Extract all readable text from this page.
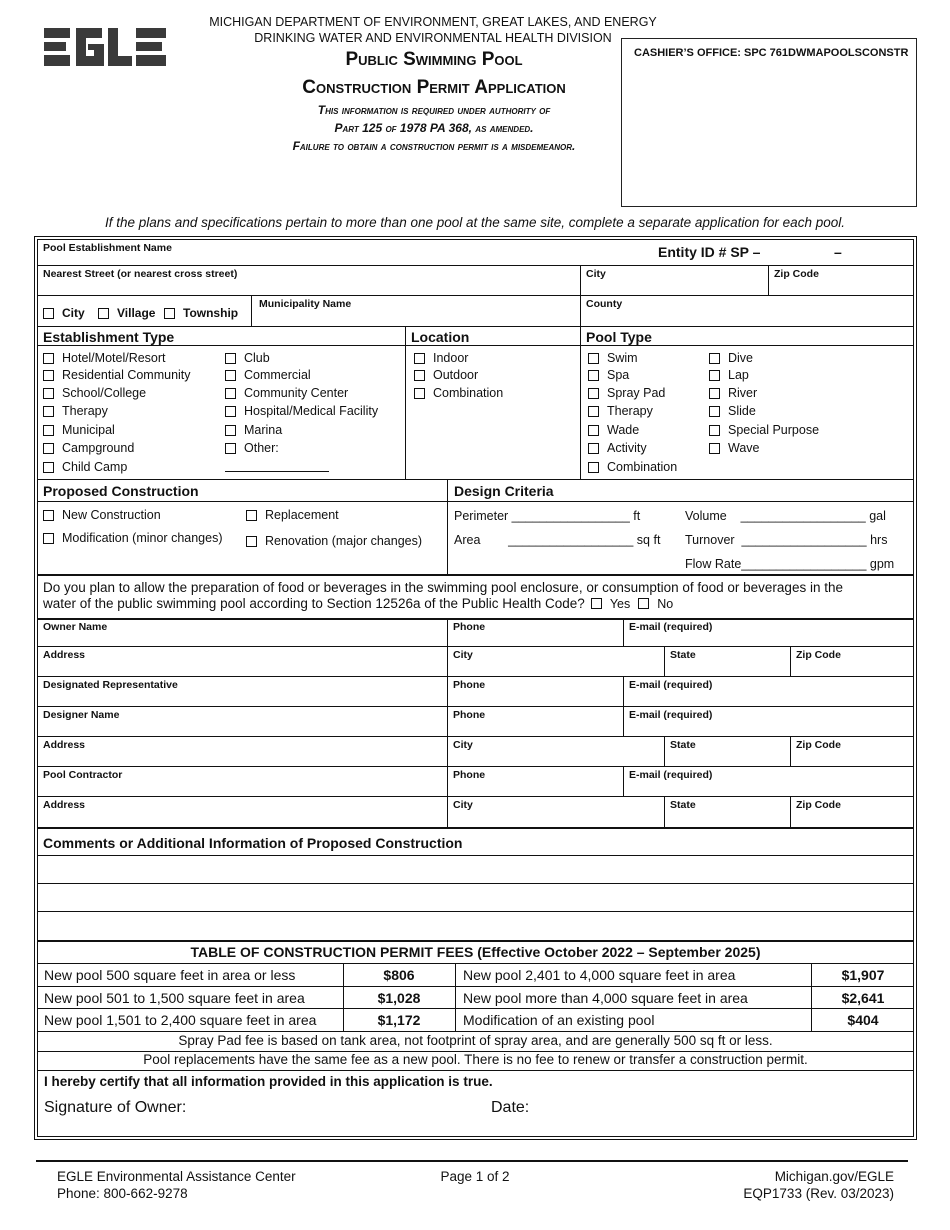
MICHIGAN DEPARTMENT OF ENVIRONMENT, GREAT LAKES, AND ENERGY
DRINKING WATER AND ENVIRONMENTAL HEALTH DIVISION
Public Swimming Pool
Construction Permit Application
This information is required under authority of
Part 125 of 1978 PA 368, as amended.
Failure to obtain a construction permit is a misdemeanor.
CASHIER’S OFFICE: SPC 761DWMAPOOLSCONSTR
If the plans and specifications pertain to more than one pool at the same site, complete a separate application for each pool.
Pool Establishment Name	Entity ID # SP –	–
Nearest Street (or nearest cross street)	City	Zip Code
City	Village Township
Municipality Name	County
Establishment Type	Location	Pool Type
Hotel/Motel/Resort
Residential Community
School/College
Therapy
Municipal
Campground
Child Camp
Club
Commercial
Community Center
Hospital/Medical Facility
Marina
Other:
Indoor
Outdoor
Combination
Swim
Spa
Spray Pad
Therapy
Wade
Activity
Combination
Dive
Lap
River
Slide
Special Purpose
Wave
Proposed Construction	Design Criteria
New Construction	Replacement
Modification (minor changes)	Renovation (major changes)
Perimeter _________________ ft
Area        __________________ sq ft
Volume    __________________ gal
Turnover  __________________ hrs
Flow Rate__________________ gpm
Do you plan to allow the preparation of food or beverages in the swimming pool enclosure, or consumption of food or beverages in the
water of the public swimming pool according to Section 12526a of the Public Health Code? Yes No
Owner Name	Phone	E-mail (required)
Address	City	State	Zip Code
Designated Representative	Phone	E-mail (required)
Designer Name	Phone	E-mail (required)
Address	City	State	Zip Code
Pool Contractor	Phone	E-mail (required)
Address	City	State	Zip Code
Comments or Additional Information of Proposed Construction
TABLE OF CONSTRUCTION PERMIT FEES (Effective October 2022 – September 2025)
New pool 500 square feet in area or less	$806	New pool 2,401 to 4,000 square feet in area	$1,907
New pool 501 to 1,500 square feet in area	$1,028	New pool more than 4,000 square feet in area	$2,641
New pool 1,501 to 2,400 square feet in area	$1,172	Modification of an existing pool	$404
Spray Pad fee is based on tank area, not footprint of spray area, and are generally 500 sq ft or less.
Pool replacements have the same fee as a new pool. There is no fee to renew or transfer a construction permit.
I hereby certify that all information provided in this application is true.
Signature of Owner:	Date:
EGLE Environmental Assistance Center
Phone: 800-662-9278
Page 1 of 2	Michigan.gov/EGLE
EQP1733 (Rev. 03/2023)
